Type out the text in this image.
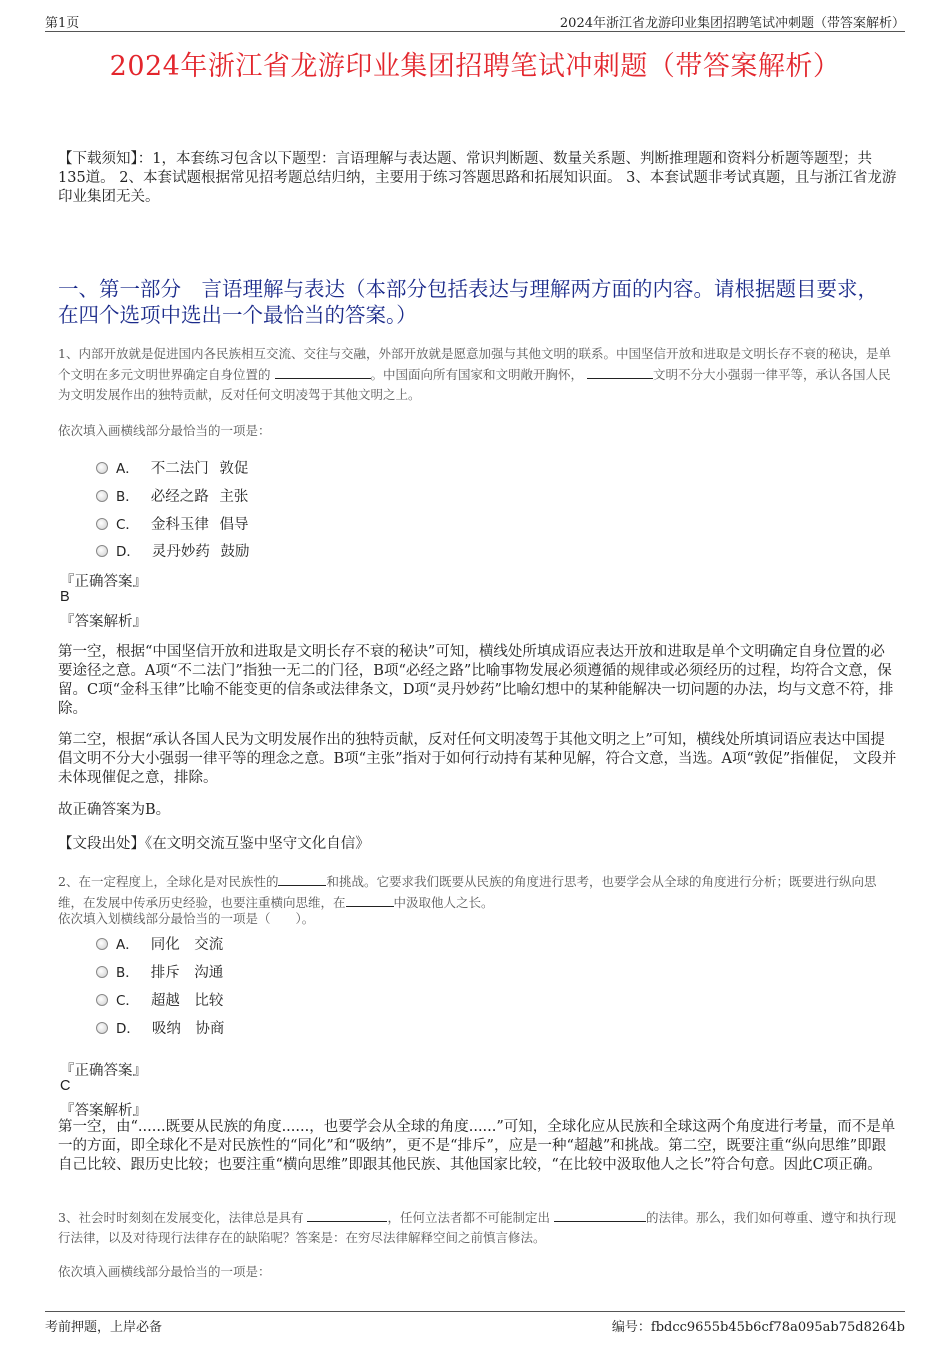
第1页	2024年浙江省龙游印业集团招聘笔试冲刺题（带答案解析）
2024年浙江省龙游印业集团招聘笔试冲刺题（带答案解析）
【下载须知】：1，本套练习包含以下题型：言语理解与表达题、常识判断题、数量关系题、判断推理题和资料分析题等题型；共135道。 2、本套试题根据常见招考题总结归纳，主要用于练习答题思路和拓展知识面。 3、本套试题非考试真题，且与浙江省龙游印业集团无关。
一、第一部分　言语理解与表达（本部分包括表达与理解两方面的内容。请根据题目要求，在四个选项中选出一个最恰当的答案。）
1、内部开放就是促进国内各民族相互交流、交往与交融，外部开放就是愿意加强与其他文明的联系。中国坚信开放和进取是文明长存不衰的秘诀，是单个文明在多元文明世界确定自身位置的	。中国面向所有国家和文明敞开胸怀，	文明不分大小强弱一律平等，承认各国人民为文明发展作出的独特贡献，反对任何文明凌驾于其他文明之上。
依次填入画横线部分最恰当的一项是：
A． 不二法门 敦促
B． 必经之路 主张
C． 金科玉律 倡导
D． 灵丹妙药 鼓励
『正确答案』
B
『答案解析』
第一空，根据“中国坚信开放和进取是文明长存不衰的秘诀”可知，横线处所填成语应表达开放和进取是单个文明确定自身位置的必要途径之意。A项“不二法门”指独一无二的门径，B项“必经之路”比喻事物发展必须遵循的规律或必须经历的过程，均符合文意，保留。C项“金科玉律”比喻不能变更的信条或法律条文，D项“灵丹妙药”比喻幻想中的某种能解决一切问题的办法，均与文意不符，排除。
第二空，根据“承认各国人民为文明发展作出的独特贡献，反对任何文明凌驾于其他文明之上”可知，横线处所填词语应表达中国提倡文明不分大小强弱一律平等的理念之意。B项“主张”指对于如何行动持有某种见解，符合文意，当选。A项“敦促”指催促， 文段并未体现催促之意，排除。
故正确答案为B。
【文段出处】《在文明交流互鉴中坚守文化自信》
2、在一定程度上，全球化是对民族性的	和挑战。它要求我们既要从民族的角度进行思考，也要学会从全球的角度进行分析；既要进行纵向思维，在发展中传承历史经验，也要注重横向思维，在	中汲取他人之长。
依次填入划横线部分最恰当的一项是（　　）。
A． 同化　交流
B． 排斥　沟通
C． 超越　比较
D． 吸纳　协商
『正确答案』
C
『答案解析』
第一空，由“......既要从民族的角度......，也要学会从全球的角度......”可知，全球化应从民族和全球这两个角度进行考量，而不是单一的方面，即全球化不是对民族性的“同化”和“吸纳”，更不是“排斥”，应是一种“超越”和挑战。第二空，既要注重“纵向思维”即跟自己比较、跟历史比较；也要注重“横向思维”即跟其他民族、其他国家比较，“在比较中汲取他人之长”符合句意。因此C项正确。
3、社会时时刻刻在发展变化，法律总是具有	，任何立法者都不可能制定出	的法律。那么，我们如何尊重、遵守和执行现行法律，以及对待现行法律存在的缺陷呢？答案是：在穷尽法律解释空间之前慎言修法。
依次填入画横线部分最恰当的一项是：
考前押题，上岸必备	编号：fbdcc9655b45b6cf78a095ab75d8264b
